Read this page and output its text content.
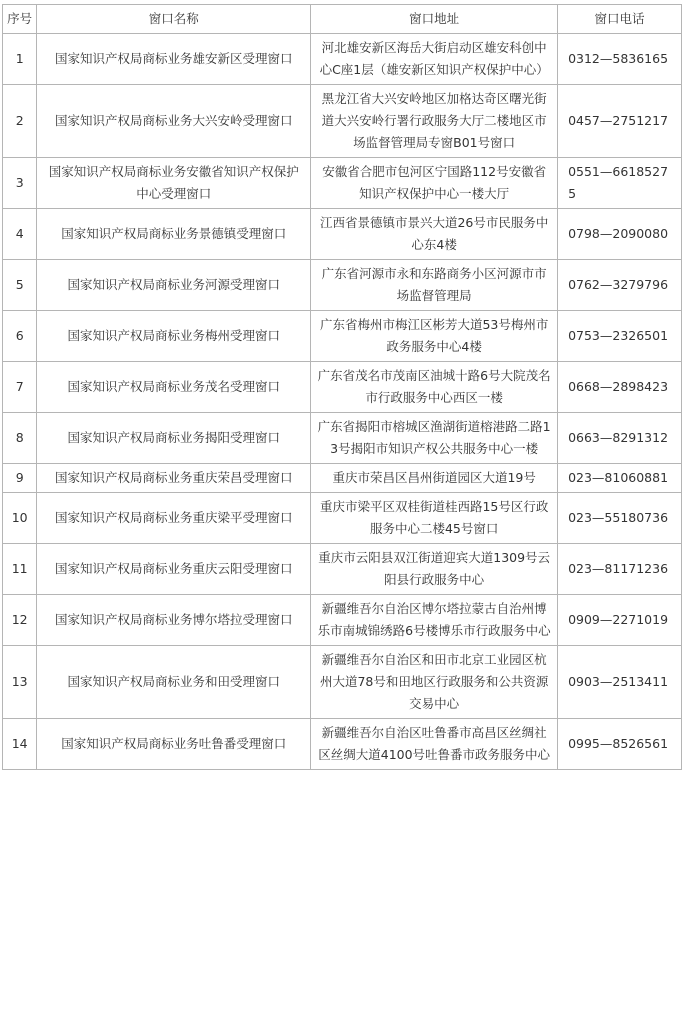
序号	窗口名称	窗口地址	窗口电话
1	国家知识产权局商标业务雄安新区受理窗口	河北雄安新区海岳大街启动区雄安科创中心C座1层（雄安新区知识产权保护中心）	0312—5836165
2	国家知识产权局商标业务大兴安岭受理窗口	黑龙江省大兴安岭地区加格达奇区曙光街道大兴安岭行署行政服务大厅二楼地区市场监督管理局专窗B01号窗口	0457—2751217
3	国家知识产权局商标业务安徽省知识产权保护中心受理窗口	安徽省合肥市包河区宁国路112号安徽省知识产权保护中心一楼大厅	0551—66185275
4	国家知识产权局商标业务景德镇受理窗口	江西省景德镇市景兴大道26号市民服务中心东4楼	0798—2090080
5	国家知识产权局商标业务河源受理窗口	广东省河源市永和东路商务小区河源市市场监督管理局	0762—3279796
6	国家知识产权局商标业务梅州受理窗口	广东省梅州市梅江区彬芳大道53号梅州市政务服务中心4楼	0753—2326501
7	国家知识产权局商标业务茂名受理窗口	广东省茂名市茂南区油城十路6号大院茂名市行政服务中心西区一楼	0668—2898423
8	国家知识产权局商标业务揭阳受理窗口	广东省揭阳市榕城区渔湖街道榕港路二路13号揭阳市知识产权公共服务中心一楼	0663—8291312
9	国家知识产权局商标业务重庆荣昌受理窗口	重庆市荣昌区昌州街道园区大道19号	023—81060881
10	国家知识产权局商标业务重庆梁平受理窗口	重庆市梁平区双桂街道桂西路15号区行政服务中心二楼45号窗口	023—55180736
11	国家知识产权局商标业务重庆云阳受理窗口	重庆市云阳县双江街道迎宾大道1309号云阳县行政服务中心	023—81171236
12	国家知识产权局商标业务博尔塔拉受理窗口	新疆维吾尔自治区博尔塔拉蒙古自治州博乐市南城锦绣路6号楼博乐市行政服务中心	0909—2271019
13	国家知识产权局商标业务和田受理窗口	新疆维吾尔自治区和田市北京工业园区杭州大道78号和田地区行政服务和公共资源交易中心	0903—2513411
14	国家知识产权局商标业务吐鲁番受理窗口	新疆维吾尔自治区吐鲁番市高昌区丝绸社区丝绸大道4100号吐鲁番市政务服务中心	0995—8526561
